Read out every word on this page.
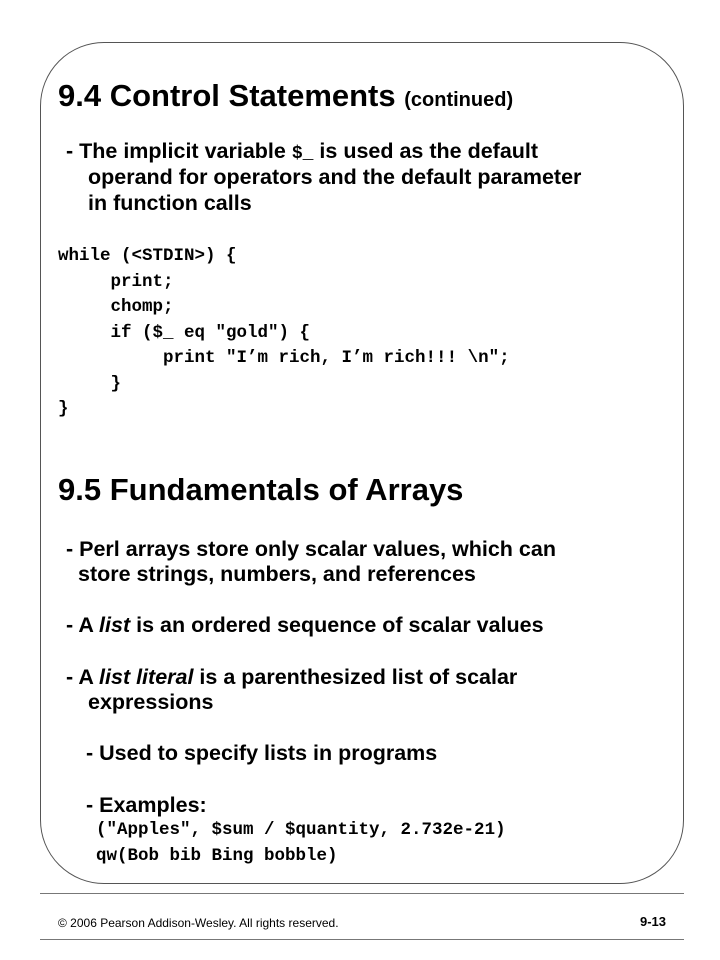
9.4 Control Statements (continued)

- The implicit variable $_ is used as the default

operand for operators and the default parameter

in function calls

while (<STDIN>) {
print;
chomp;
if ($_ eq "gold") {
print "I’m rich, I’m rich!!! \n";
}
}
9.5 Fundamentals of Arrays

- Perl arrays store only scalar values, which can

store strings, numbers, and references

- A list is an ordered sequence of scalar values

- A list literal is a parenthesized list of scalar

expressions

- Used to specify lists in programs

- Examples:

("Apples", $sum / $quantity, 2.732e-21)
qw(Bob bib Bing bobble)
© 2006 Pearson Addison-Wesley. All rights reserved.	9-13
